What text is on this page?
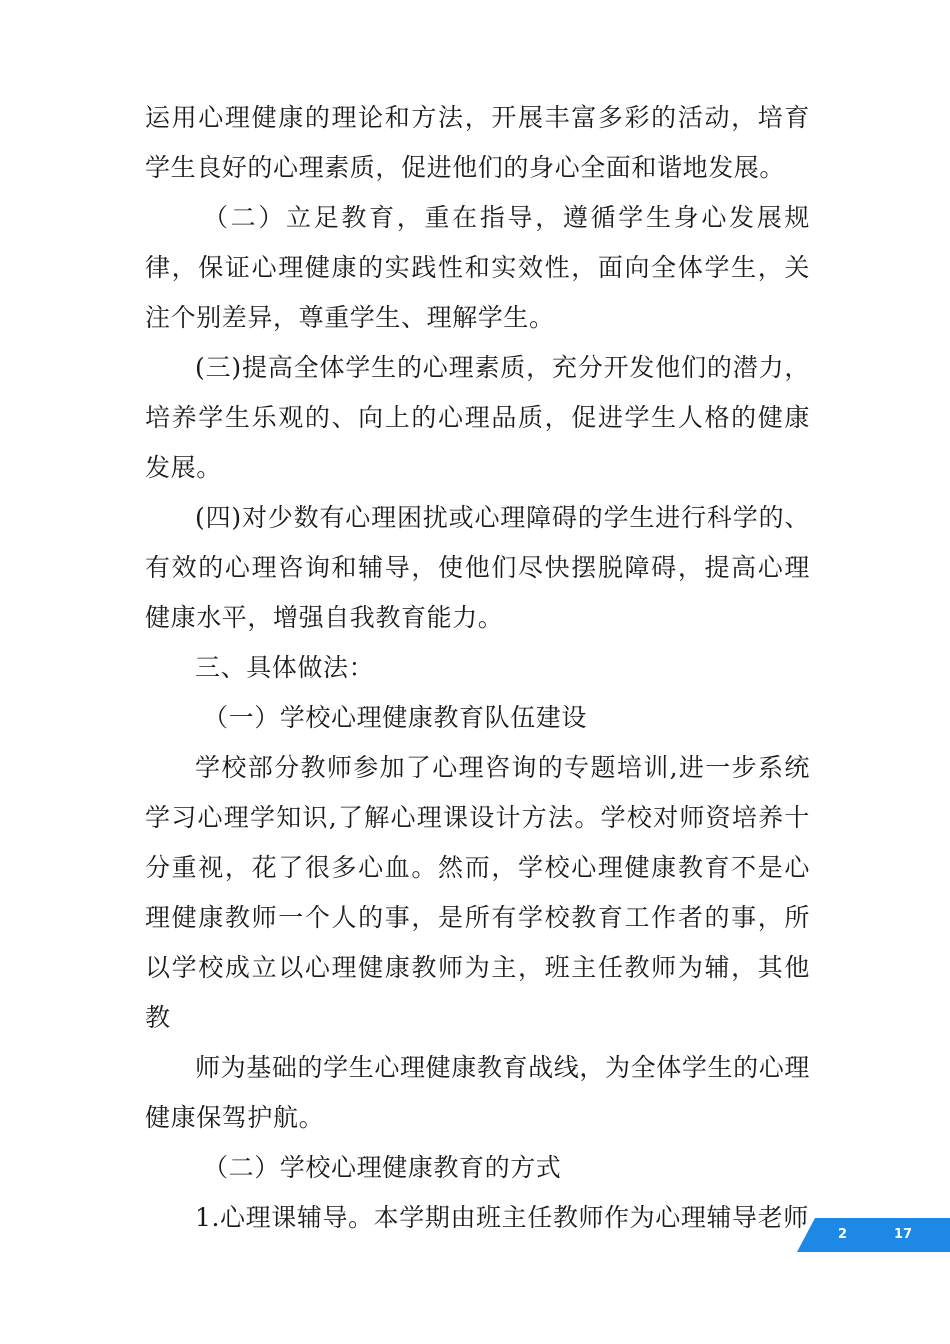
运用心理健康的理论和方法，开展丰富多彩的活动，培育学生良好的心理素质，促进他们的身心全面和谐地发展。

（二）立足教育，重在指导，遵循学生身心发展规律，保证心理健康的实践性和实效性，面向全体学生，关注个别差异，尊重学生、理解学生。

(三)提高全体学生的心理素质，充分开发他们的潜力，培养学生乐观的、向上的心理品质，促进学生人格的健康发展。

(四)对少数有心理困扰或心理障碍的学生进行科学的、有效的心理咨询和辅导，使他们尽快摆脱障碍，提高心理健康水平，增强自我教育能力。

三、具体做法：

（一）学校心理健康教育队伍建设

学校部分教师参加了心理咨询的专题培训,进一步系统学习心理学知识,了解心理课设计方法。学校对师资培养十分重视，花了很多心血。然而，学校心理健康教育不是心理健康教师一个人的事，是所有学校教育工作者的事，所以学校成立以心理健康教师为主，班主任教师为辅，其他教

师为基础的学生心理健康教育战线，为全体学生的心理健康保驾护航。

（二）学校心理健康教育的方式

1.心理课辅导。本学期由班主任教师作为心理辅导老师

2	17
